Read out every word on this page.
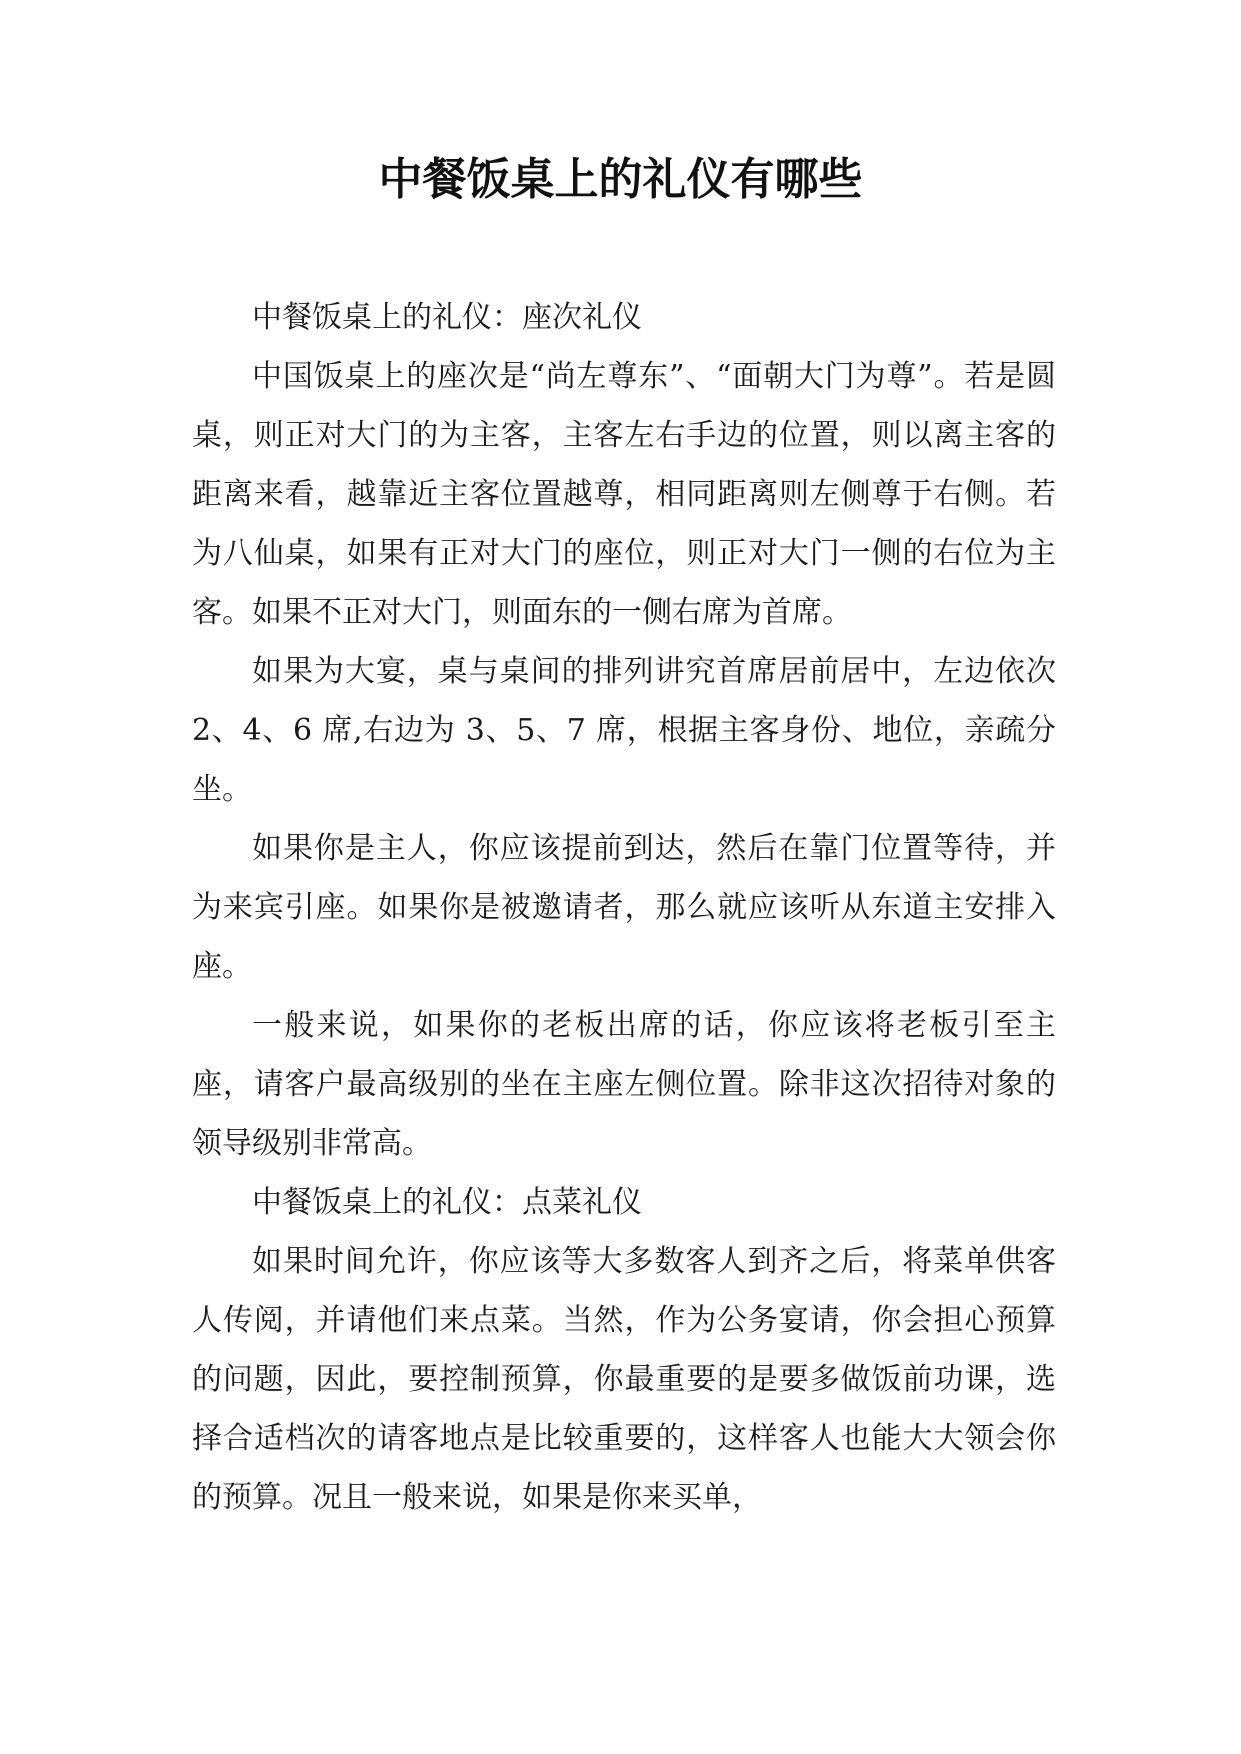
中餐饭桌上的礼仪有哪些

中餐饭桌上的礼仪：座次礼仪

中国饭桌上的座次是“尚左尊东”、“面朝大门为尊”。若是圆桌，则正对大门的为主客，主客左右手边的位置，则以离主客的距离来看，越靠近主客位置越尊，相同距离则左侧尊于右侧。若为八仙桌，如果有正对大门的座位，则正对大门一侧的右位为主客。如果不正对大门，则面东的一侧右席为首席。

如果为大宴，桌与桌间的排列讲究首席居前居中，左边依次 2、4、6 席,右边为 3、5、7 席，根据主客身份、地位，亲疏分坐。

如果你是主人，你应该提前到达，然后在靠门位置等待，并为来宾引座。如果你是被邀请者，那么就应该听从东道主安排入座。

一般来说，如果你的老板出席的话，你应该将老板引至主座，请客户最高级别的坐在主座左侧位置。除非这次招待对象的领导级别非常高。

中餐饭桌上的礼仪：点菜礼仪

如果时间允许，你应该等大多数客人到齐之后，将菜单供客人传阅，并请他们来点菜。当然，作为公务宴请，你会担心预算的问题，因此，要控制预算，你最重要的是要多做饭前功课，选择合适档次的请客地点是比较重要的，这样客人也能大大领会你的预算。况且一般来说，如果是你来买单，
